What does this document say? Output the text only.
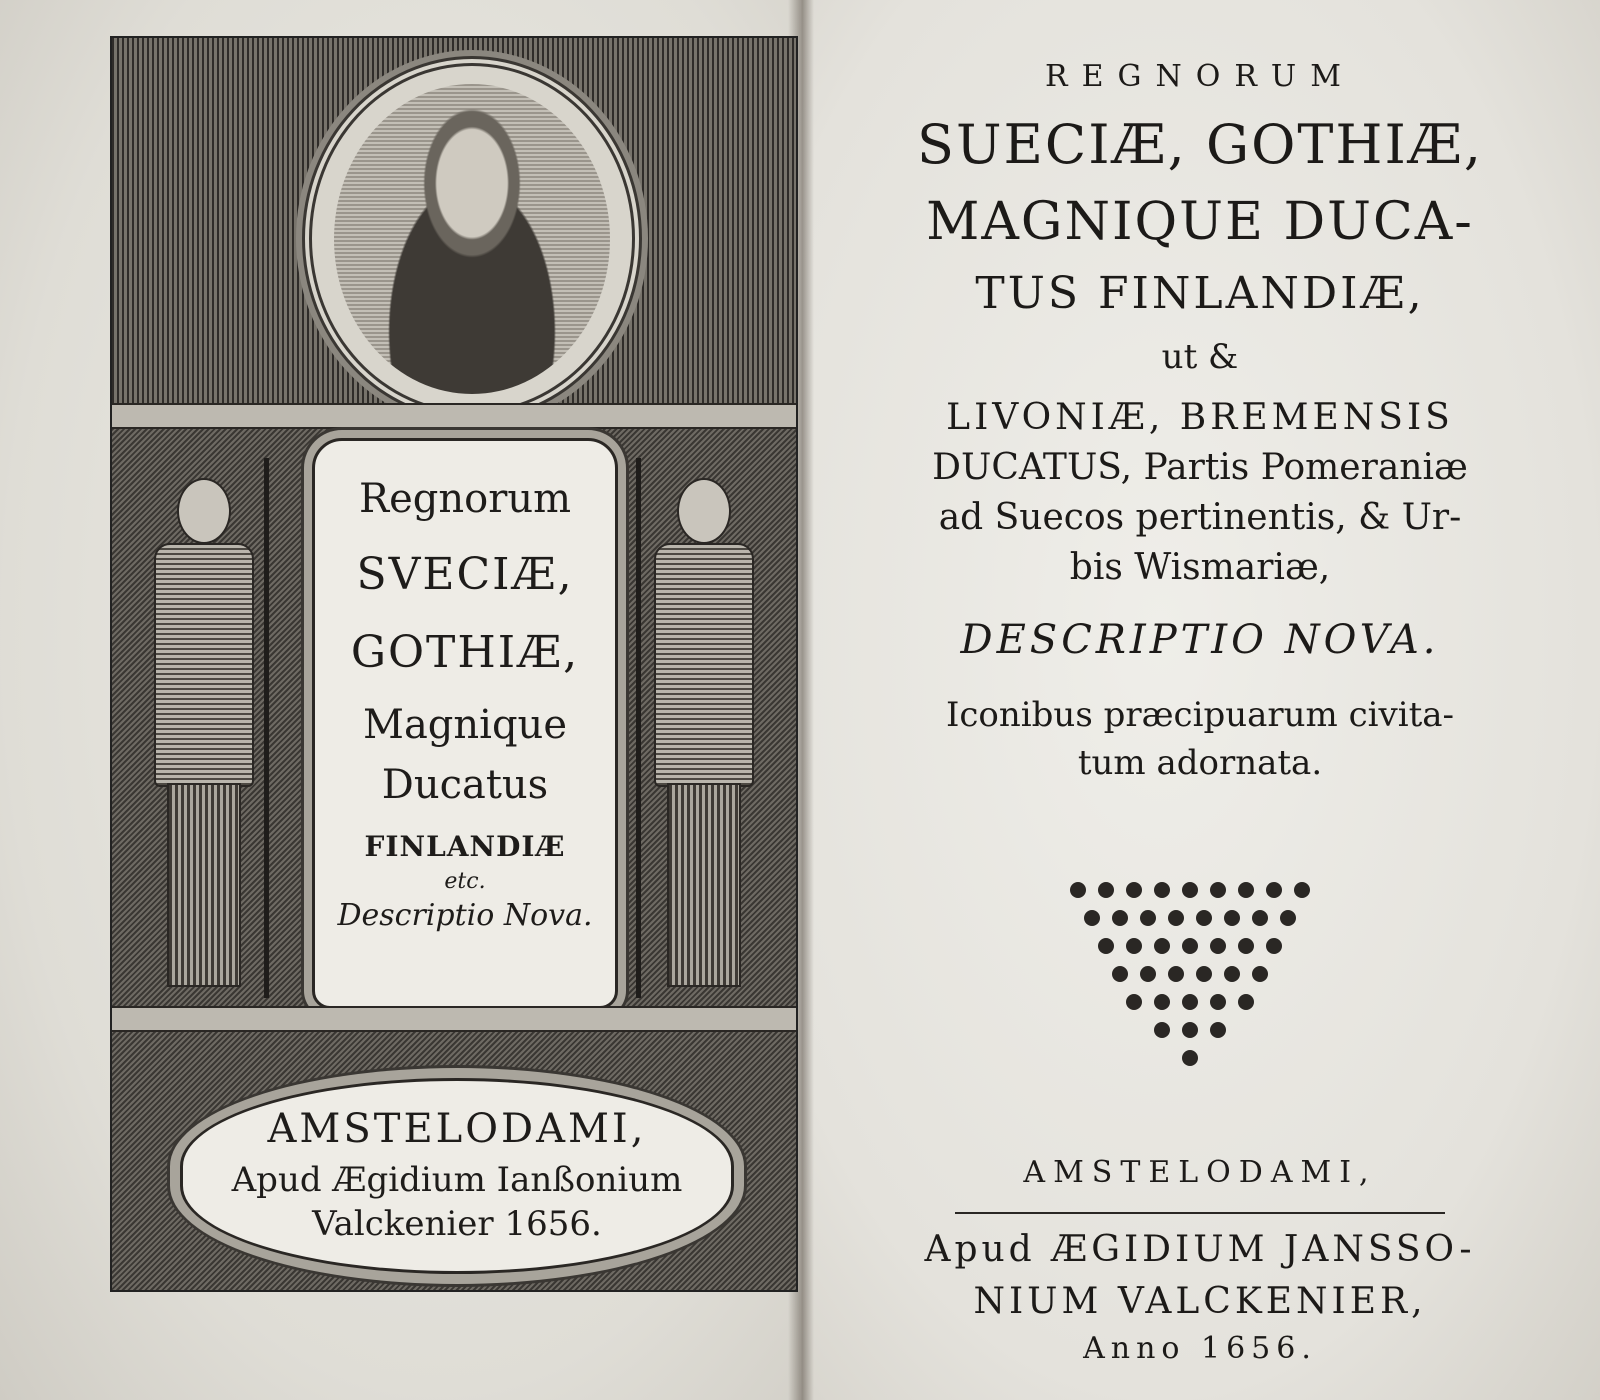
Regnorum
SVECIÆ,
GOTHIÆ,
Magnique
Ducatus
FINLANDIÆ
etc.
Descriptio Nova.
AMSTELODAMI,
Apud Ægidium Ianßonium
Valckenier 1656.

REGNORUM

SUECIÆ, GOTHIÆ,

MAGNIQUE DUCA-

TUS FINLANDIÆ,

ut &

LIVONIÆ, BREMENSIS

DUCATUS, Partis Pomeraniæ

ad Suecos pertinentis, & Ur-

bis Wismariæ,

DESCRIPTIO NOVA.

Iconibus præcipuarum civita-

tum adornata.

AMSTELODAMI,

Apud ÆGIDIUM JANSSO-

NIUM VALCKENIER,

Anno 1656.
